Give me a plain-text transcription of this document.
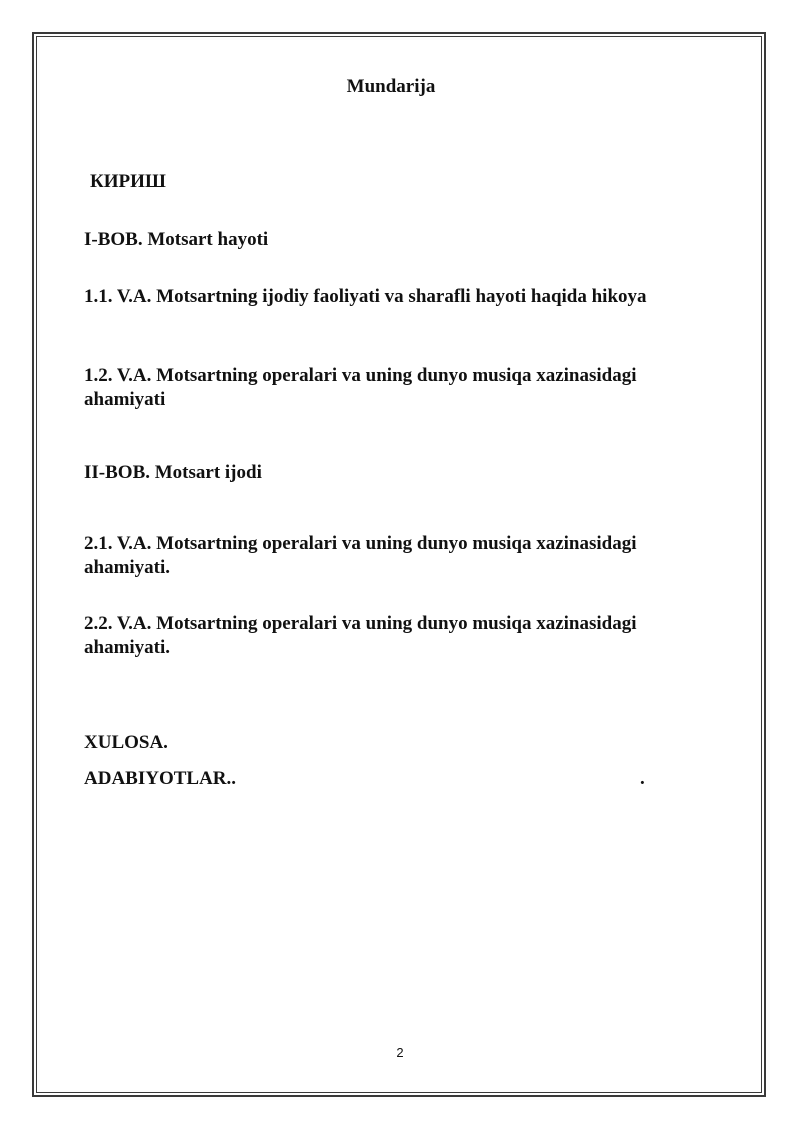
Mundarija

КИРИШ

I-BOB. Motsart hayoti

1.1. V.A. Motsartning ijodiy faoliyati va sharafli hayoti haqida hikoya

1.2. V.A. Motsartning operalari va uning dunyo musiqa xazinasidagi ahamiyati

II-BOB. Motsart ijodi

2.1. V.A. Motsartning operalari va uning dunyo musiqa xazinasidagi ahamiyati.

2.2. V.A. Motsartning operalari va uning dunyo musiqa xazinasidagi ahamiyati.

XULOSA.

ADABIYOTLAR..	.
2
